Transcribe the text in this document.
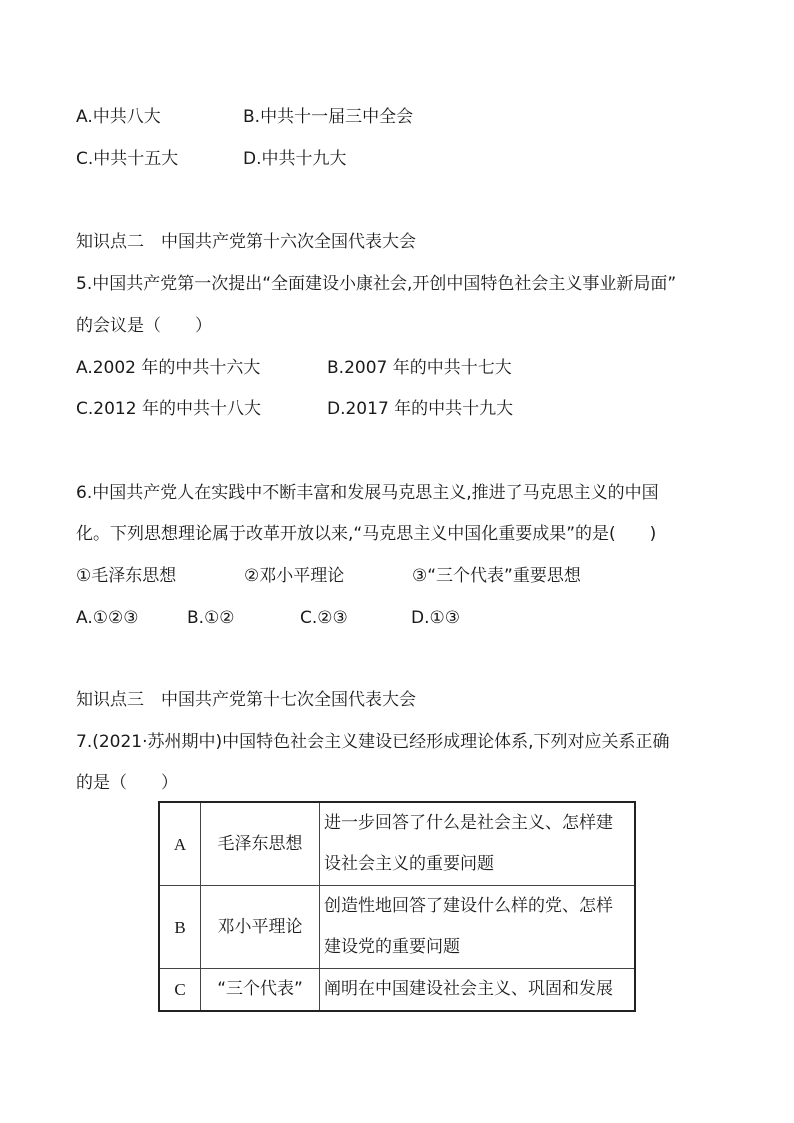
A.中共八大	B.中共十一届三中全会
C.中共十五大	D.中共十九大
知识点二　中国共产党第十六次全国代表大会
5.中国共产党第一次提出“全面建设小康社会,开创中国特色社会主义事业新局面”
的会议是（　　）
A.2002 年的中共十六大	B.2007 年的中共十七大
C.2012 年的中共十八大	D.2017 年的中共十九大
6.中国共产党人在实践中不断丰富和发展马克思主义,推进了马克思主义的中国
化。下列思想理论属于改革开放以来,“马克思主义中国化重要成果”的是(　　)
①毛泽东思想	②邓小平理论	③“三个代表”重要思想
A.①②③	B.①②	C.②③	D.①③
知识点三　中国共产党第十七次全国代表大会
7.(2021·苏州期中)中国特色社会主义建设已经形成理论体系,下列对应关系正确
的是（　　）
A	毛泽东思想	进一步回答了什么是社会主义、怎样建
设社会主义的重要问题

B	邓小平理论	创造性地回答了建设什么样的党、怎样
建设党的重要问题

C	“三个代表”	阐明在中国建设社会主义、巩固和发展
